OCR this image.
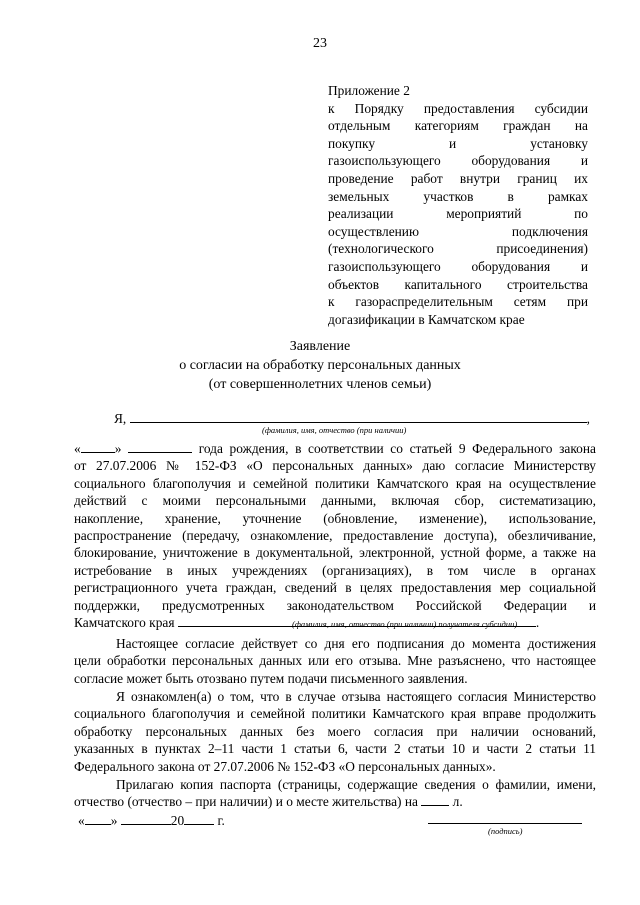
23
Приложение 2
к Порядку предоставления субсидии
отдельным категориям граждан на
покупку и установку
газоиспользующего оборудования и
проведение работ внутри границ их
земельных участков в рамках
реализации мероприятий по
осуществлению подключения
(технологического присоединения)
газоиспользующего оборудования и
объектов капитального строительства
к газораспределительным сетям при
догазификации в Камчатском крае
Заявление
о согласии на обработку персональных данных
(от совершеннолетних членов семьи)
Я,	,
(фамилия, имя, отчество (при наличии)
«	»	года рождения, в соответствии со статьей 9 Федерального закона
от 27.07.2006 № 152-ФЗ «О персональных данных» даю согласие Министерству
социального благополучия и семейной политики Камчатского края на осуществление
действий с моими персональными данными, включая сбор, систематизацию,
накопление, хранение, уточнение (обновление, изменение), использование,
распространение (передачу, ознакомление, предоставление доступа), обезличивание,
блокирование, уничтожение в документальной, электронной, устной форме, а также на
истребование в иных учреждениях (организациях), в том числе в органах
регистрационного учета граждан, сведений в целях предоставления мер социальной
поддержки, предусмотренных законодательством Российской Федерации и
Камчатского края	.
(фамилия, имя, отчество (при наличии) получателя субсидии)
Настоящее согласие действует со дня его подписания до момента достижения
цели обработки персональных данных или его отзыва. Мне разъяснено, что настоящее
согласие может быть отозвано путем подачи письменного заявления.
Я ознакомлен(а) о том, что в случае отзыва настоящего согласия Министерство
социального благополучия и семейной политики Камчатского края вправе продолжить
обработку персональных данных без моего согласия при наличии оснований,
указанных в пунктах 2–11 части 1 статьи 6, части 2 статьи 10 и части 2 статьи 11
Федерального закона от 27.07.2006 № 152-ФЗ «О персональных данных».
Прилагаю копия паспорта (страницы, содержащие сведения о фамилии, имени,
отчество (отчество – при наличии) и о месте жительства) на	л.
« »	20 г.
(подпись)
